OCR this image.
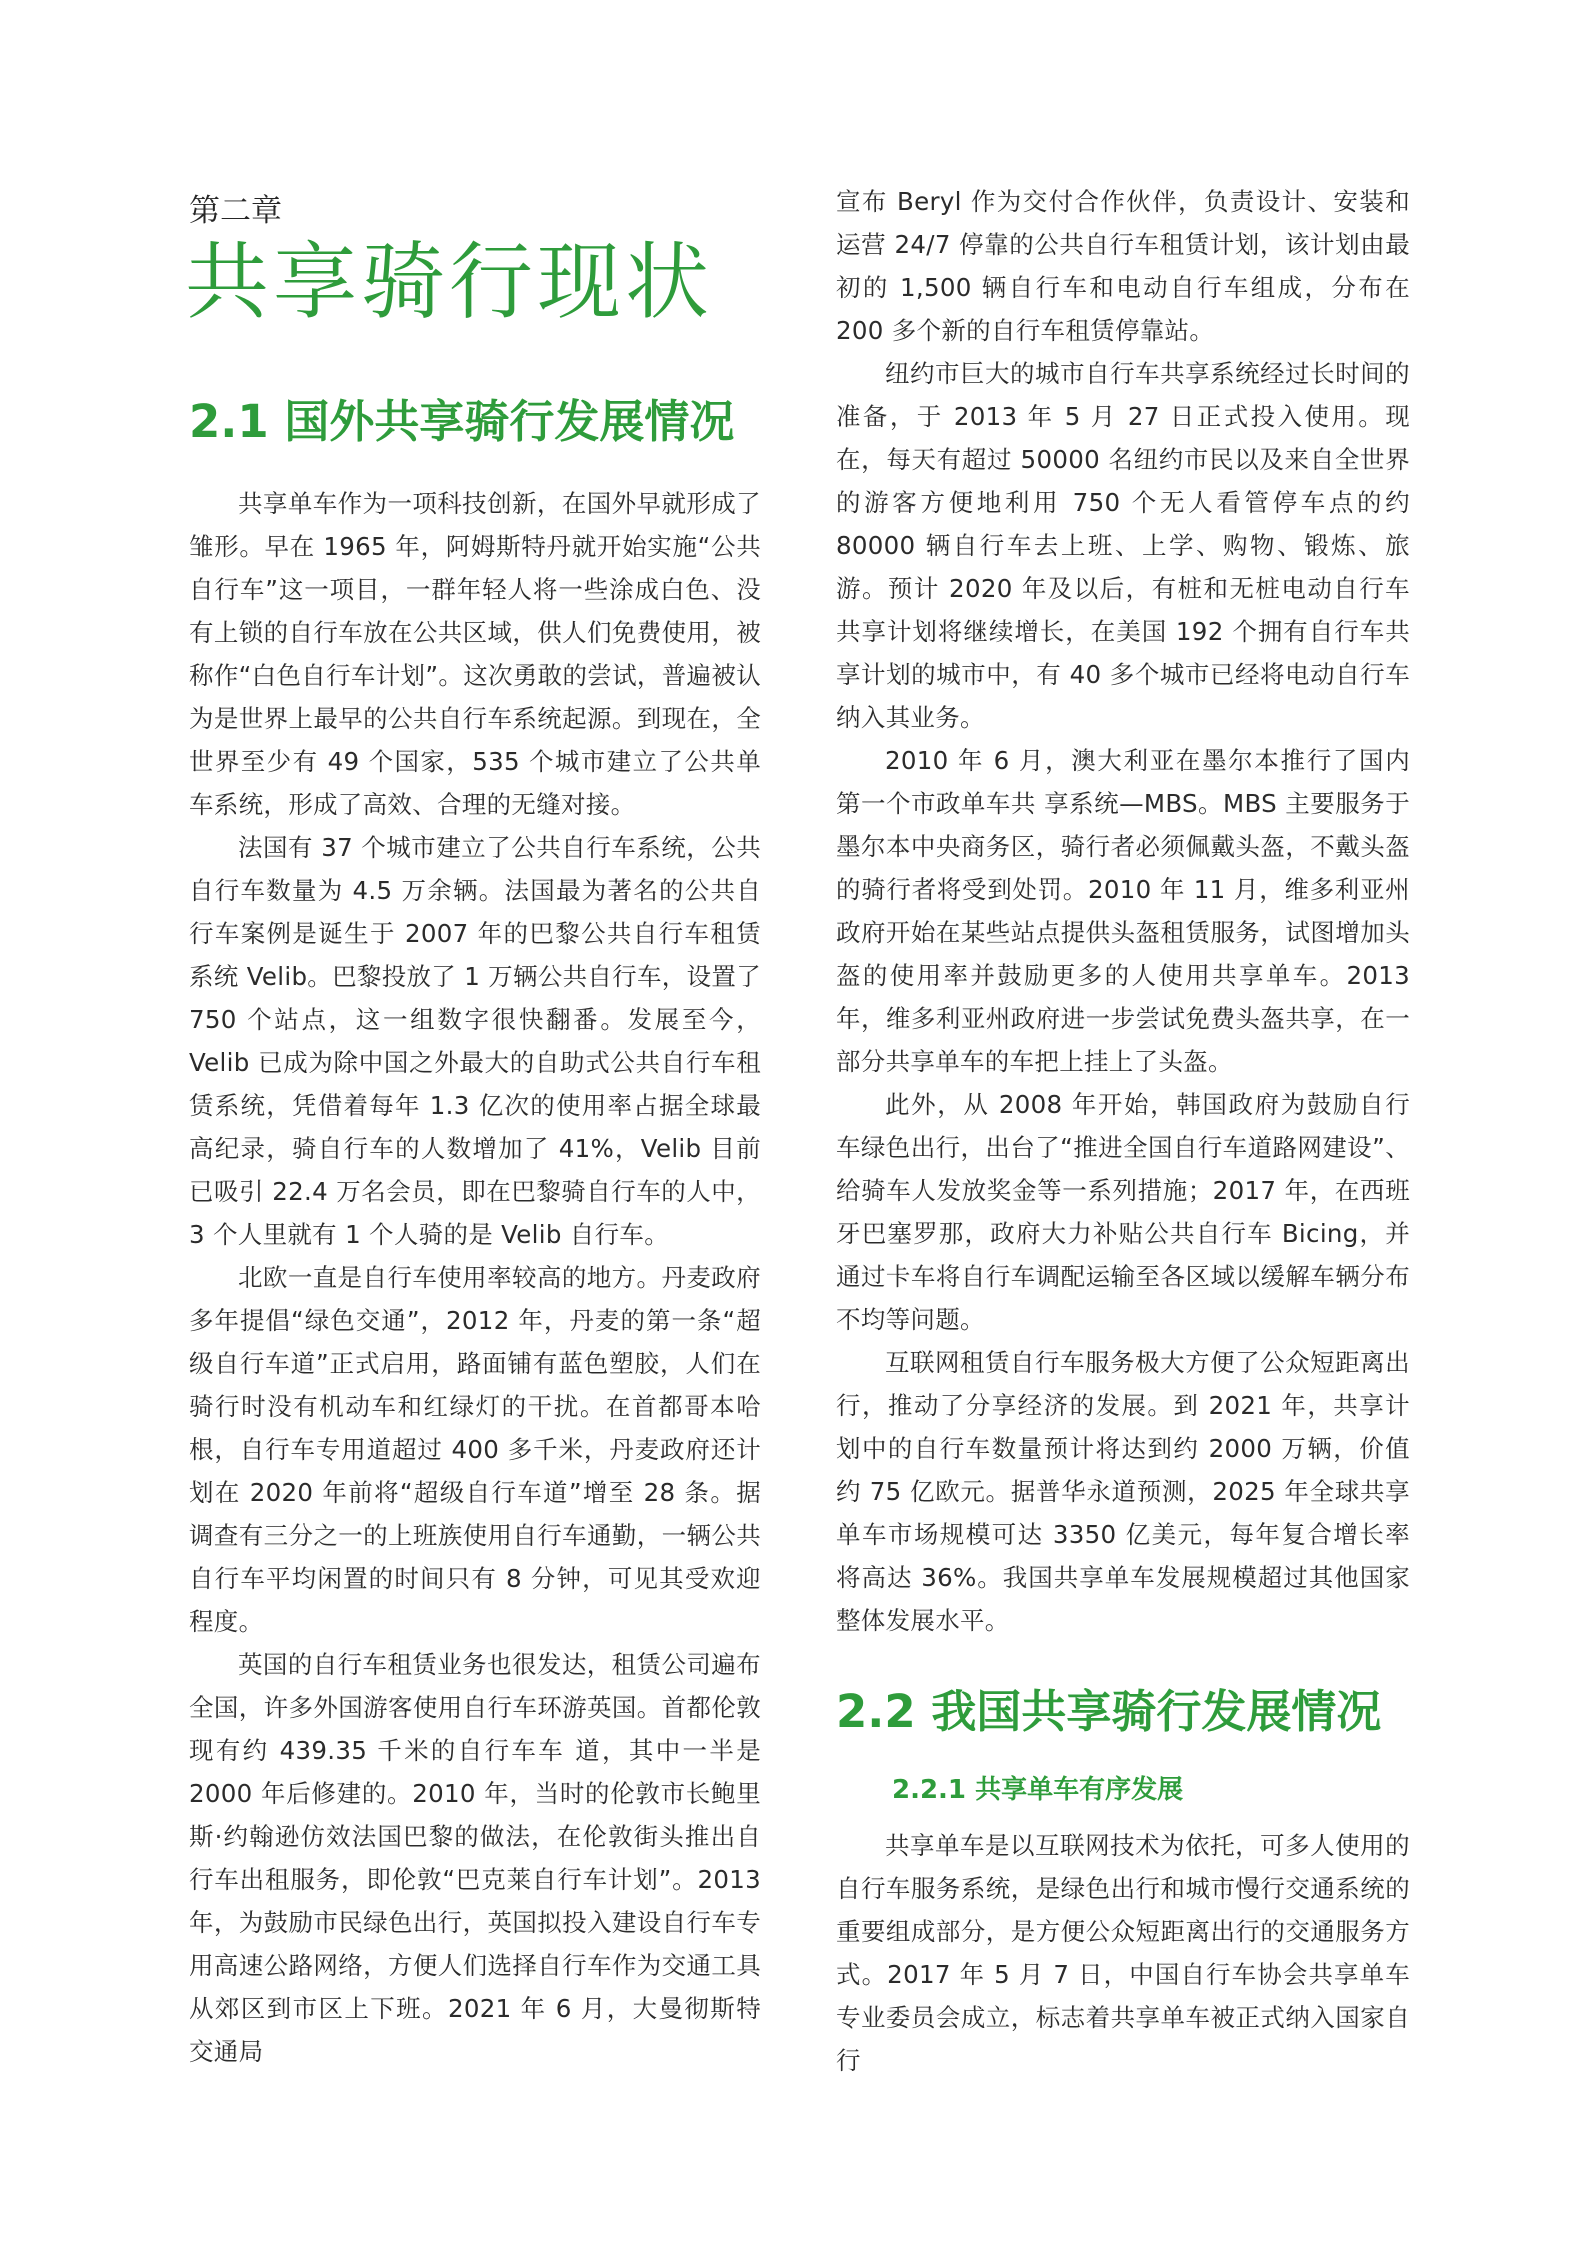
第二章
共享骑行现状
2.1 国外共享骑行发展情况

共享单车作为一项科技创新，在国外早就形成了雏形。早在 1965 年，阿姆斯特丹就开始实施“公共自行车”这一项目，一群年轻人将一些涂成白色、没有上锁的自行车放在公共区域，供人们免费使用，被称作“白色自行车计划”。这次勇敢的尝试，普遍被认为是世界上最早的公共自行车系统起源。到现在，全世界至少有 49 个国家，535 个城市建立了公共单车系统，形成了高效、合理的无缝对接。

法国有 37 个城市建立了公共自行车系统，公共自行车数量为 4.5 万余辆。法国最为著名的公共自行车案例是诞生于 2007 年的巴黎公共自行车租赁系统 Velib。巴黎投放了 1 万辆公共自行车，设置了 750 个站点，这一组数字很快翻番。发展至今，Velib 已成为除中国之外最大的自助式公共自行车租赁系统，凭借着每年 1.3 亿次的使用率占据全球最高纪录，骑自行车的人数增加了 41%，Velib 目前已吸引 22.4 万名会员，即在巴黎骑自行车的人中，3 个人里就有 1 个人骑的是 Velib 自行车。

北欧一直是自行车使用率较高的地方。丹麦政府多年提倡“绿色交通”，2012 年，丹麦的第一条“超级自行车道”正式启用，路面铺有蓝色塑胶，人们在骑行时没有机动车和红绿灯的干扰。在首都哥本哈根，自行车专用道超过 400 多千米，丹麦政府还计划在 2020 年前将“超级自行车道”增至 28 条。据调查有三分之一的上班族使用自行车通勤，一辆公共自行车平均闲置的时间只有 8 分钟，可见其受欢迎程度。

英国的自行车租赁业务也很发达，租赁公司遍布全国，许多外国游客使用自行车环游英国。首都伦敦现有约 439.35 千米的自行车车 道，其中一半是 2000 年后修建的。2010 年，当时的伦敦市长鲍里斯·约翰逊仿效法国巴黎的做法，在伦敦街头推出自行车出租服务，即伦敦“巴克莱自行车计划”。2013 年，为鼓励市民绿色出行，英国拟投入建设自行车专用高速公路网络，方便人们选择自行车作为交通工具从郊区到市区上下班。2021 年 6 月，大曼彻斯特交通局

宣布 Beryl 作为交付合作伙伴，负责设计、安装和运营 24/7 停靠的公共自行车租赁计划，该计划由最初的 1,500 辆自行车和电动自行车组成，分布在 200 多个新的自行车租赁停靠站。

纽约市巨大的城市自行车共享系统经过长时间的准备，于 2013 年 5 月 27 日正式投入使用。现在，每天有超过 50000 名纽约市民以及来自全世界的游客方便地利用 750 个无人看管停车点的约 80000 辆自行车去上班、上学、购物、锻炼、旅游。预计 2020 年及以后，有桩和无桩电动自行车共享计划将继续增长，在美国 192 个拥有自行车共享计划的城市中，有 40 多个城市已经将电动自行车纳入其业务。

2010 年 6 月，澳大利亚在墨尔本推行了国内第一个市政单车共 享系统—MBS。MBS 主要服务于墨尔本中央商务区，骑行者必须佩戴头盔，不戴头盔的骑行者将受到处罚。2010 年 11 月，维多利亚州政府开始在某些站点提供头盔租赁服务，试图增加头盔的使用率并鼓励更多的人使用共享单车。2013 年，维多利亚州政府进一步尝试免费头盔共享，在一部分共享单车的车把上挂上了头盔。

此外，从 2008 年开始，韩国政府为鼓励自行车绿色出行，出台了“推进全国自行车道路网建设”、给骑车人发放奖金等一系列措施；2017 年，在西班牙巴塞罗那，政府大力补贴公共自行车 Bicing，并通过卡车将自行车调配运输至各区域以缓解车辆分布不均等问题。

互联网租赁自行车服务极大方便了公众短距离出行，推动了分享经济的发展。到 2021 年，共享计划中的自行车数量预计将达到约 2000 万辆，价值约 75 亿欧元。据普华永道预测，2025 年全球共享单车市场规模可达 3350 亿美元，每年复合增长率将高达 36%。我国共享单车发展规模超过其他国家整体发展水平。

2.2 我国共享骑行发展情况
2.2.1 共享单车有序发展

共享单车是以互联网技术为依托，可多人使用的自行车服务系统，是绿色出行和城市慢行交通系统的重要组成部分，是方便公众短距离出行的交通服务方式。2017 年 5 月 7 日，中国自行车协会共享单车专业委员会成立，标志着共享单车被正式纳入国家自行
